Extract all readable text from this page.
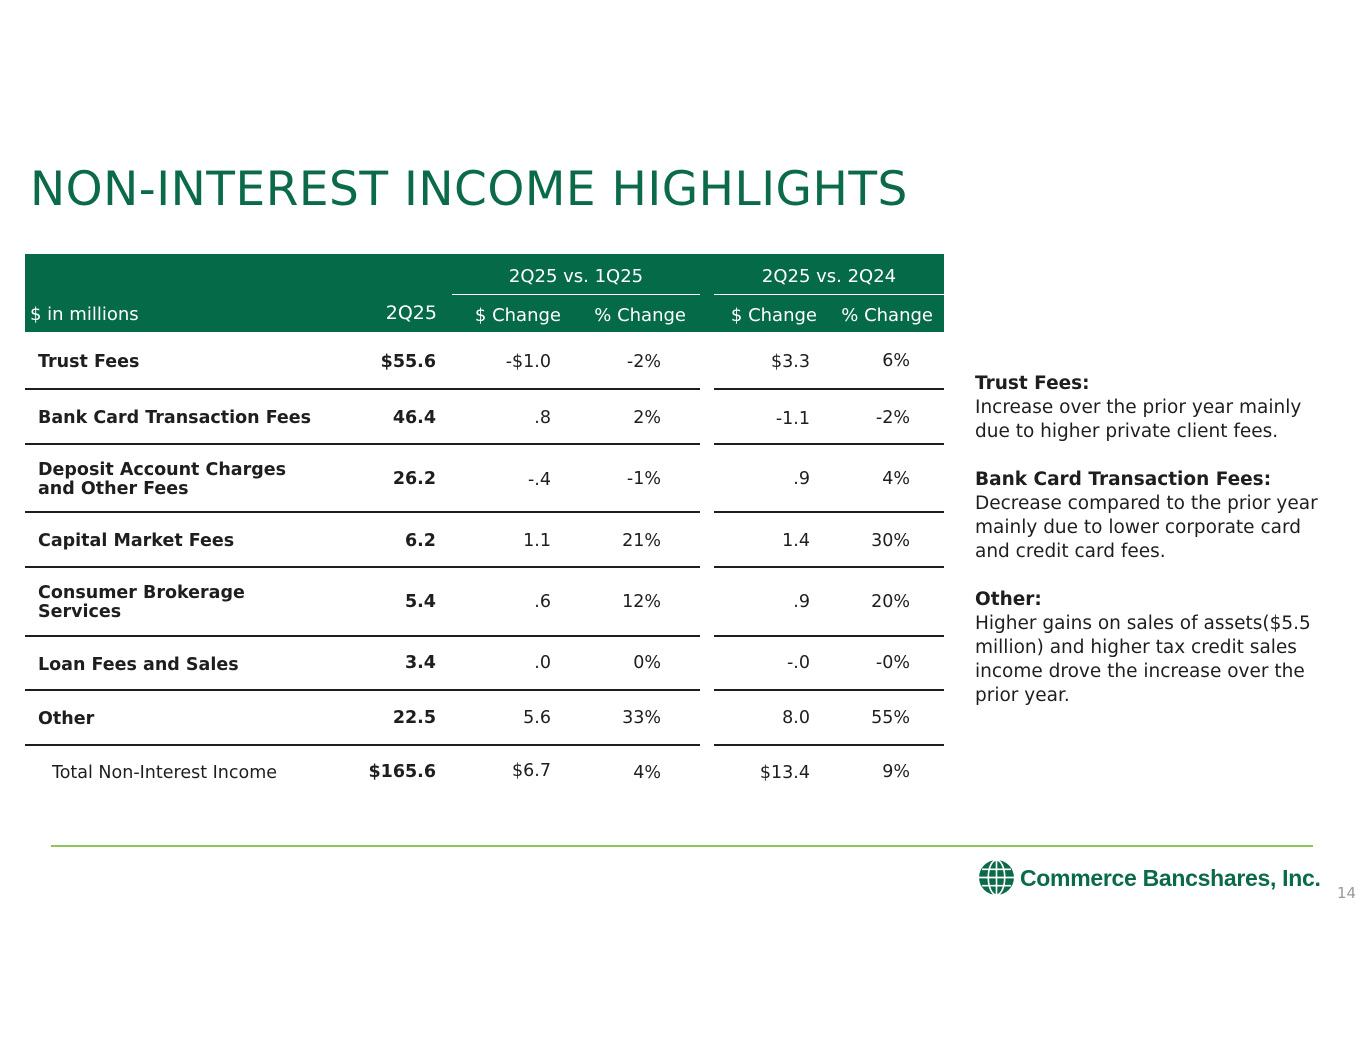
NON-INTEREST INCOME HIGHLIGHTS
$ in millions	2Q25
2Q25 vs. 1Q25	2Q25 vs. 2Q24
$ Change % Change $ Change % Change
Trust Fees	$55.6	-$1.0	-2%	$3.3	6%
Bank Card Transaction Fees	46.4	.8	2%	-1.1	-2%
Deposit Account Charges and Other Fees	26.2	-.4	-1%	.9	4%
Capital Market Fees	6.2	1.1	21%	1.4	30%
Consumer Brokerage Services	5.4	.6	12%	.9	20%
Loan Fees and Sales	3.4	.0	0%	-.0	-0%
Other	22.5	5.6	33%	8.0	55%
Total Non-Interest Income	$165.6	$6.7	4%	$13.4	9%
Trust Fees:
Increase over the prior year mainly due to higher private client fees.
Bank Card Transaction Fees:
Decrease compared to the prior year mainly due to lower corporate card and credit card fees.
Other:
Higher gains on sales of assets($5.5 million) and higher tax credit sales income drove the increase over the prior year.
Commerce Bancshares, Inc.
14
